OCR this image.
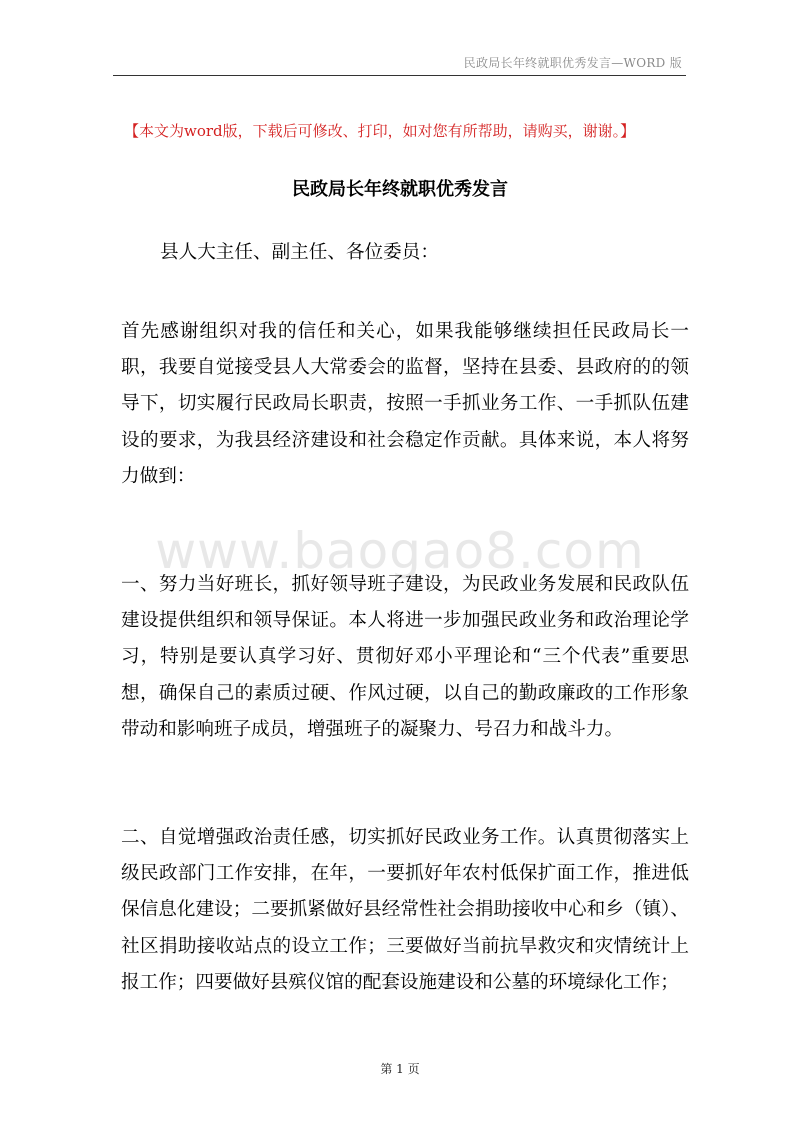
民政局长年终就职优秀发言—WORD 版
【本文为word版，下载后可修改、打印，如对您有所帮助，请购买，谢谢。】
民政局长年终就职优秀发言
县人大主任、副主任、各位委员：
www.baogao8.com
首先感谢组织对我的信任和关心，如果我能够继续担任民政局长一职，我要自觉接受县人大常委会的监督，坚持在县委、县政府的的领导下，切实履行民政局长职责，按照一手抓业务工作、一手抓队伍建设的要求，为我县经济建设和社会稳定作贡献。具体来说，本人将努力做到：
一、努力当好班长，抓好领导班子建设，为民政业务发展和民政队伍建设提供组织和领导保证。本人将进一步加强民政业务和政治理论学习，特别是要认真学习好、贯彻好邓小平理论和“三个代表”重要思想，确保自己的素质过硬、作风过硬，以自己的勤政廉政的工作形象带动和影响班子成员，增强班子的凝聚力、号召力和战斗力。
二、自觉增强政治责任感，切实抓好民政业务工作。认真贯彻落实上级民政部门工作安排，在年，一要抓好年农村低保扩面工作，推进低保信息化建设；二要抓紧做好县经常性社会捐助接收中心和乡（镇）、社区捐助接收站点的设立工作；三要做好当前抗旱救灾和灾情统计上报工作；四要做好县殡仪馆的配套设施建设和公墓的环境绿化工作；
第 1 页
